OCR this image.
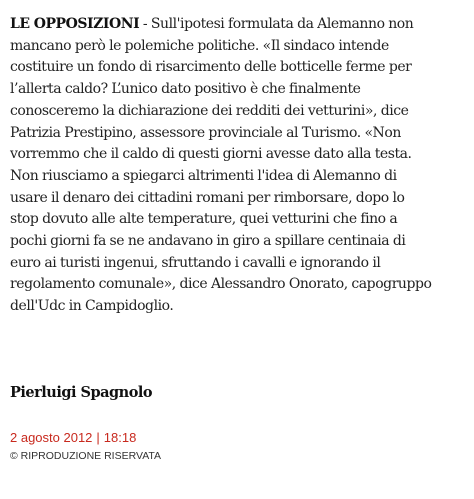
LE OPPOSIZIONI - Sull'ipotesi formulata da Alemanno non
mancano però le polemiche politiche. «Il sindaco intende
costituire un fondo di risarcimento delle botticelle ferme per
l’allerta caldo? L’unico dato positivo è che finalmente
conosceremo la dichiarazione dei redditi dei vetturini», dice
Patrizia Prestipino, assessore provinciale al Turismo. «Non
vorremmo che il caldo di questi giorni avesse dato alla testa.
Non riusciamo a spiegarci altrimenti l'idea di Alemanno di
usare il denaro dei cittadini romani per rimborsare, dopo lo
stop dovuto alle alte temperature, quei vetturini che fino a
pochi giorni fa se ne andavano in giro a spillare centinaia di
euro ai turisti ingenui, sfruttando i cavalli e ignorando il
regolamento comunale», dice Alessandro Onorato, capogruppo
dell'Udc in Campidoglio.

Pierluigi Spagnolo

2 agosto 2012 | 18:18
© RIPRODUZIONE RISERVATA
